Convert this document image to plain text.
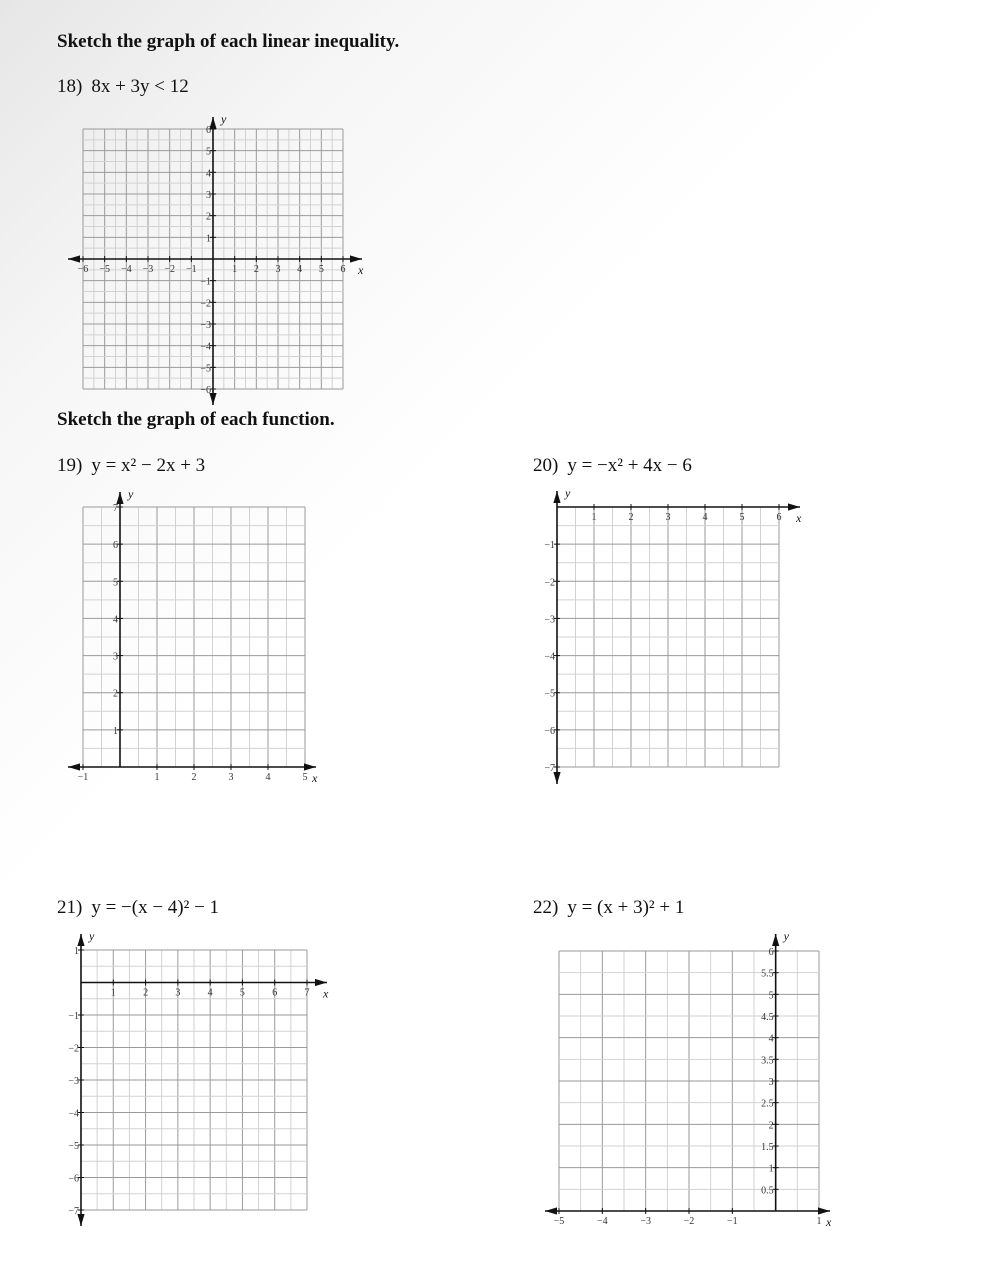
Sketch the graph of each linear inequality.
18) 8x + 3y < 12
Sketch the graph of each function.
19) y = x² − 2x + 3	20) y = −x² + 4x − 6
21) y = −(x − 4)² − 1	22) y = (x + 3)² + 1
x
y
−6 −5 −4 −3 −2 −1	1 2 3 4 5 6
6
5
4
3
2
1
−1
−2
−3
−4
−5
−6
x
y
−1	1	2	3	4	5
7
6
5
4
3
2
1
x
y
1	2	3	4	5	6
−1
−2
−3
−4
−5
−6
−7
x
y
1	2	3	4	5	6	7
1
−1
−2
−3
−4
−5
−6
−7
x
y
−5	−4	−3	−2	−1	1
6
5.5
5
4.5
4
3.5
3
2.5
2
1.5
1
0.5
